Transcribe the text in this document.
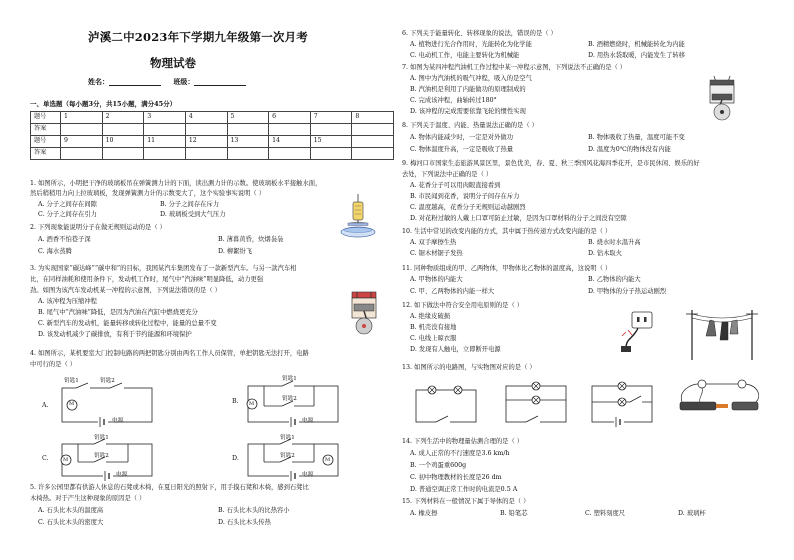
泸溪二中2023年下学期九年级第一次月考
物理试卷
姓名：	班级：
一、单选题（每小题3分，共15小题，满分45分）
题号	1	2	3	4	5	6	7	8
答案								
题号	9	10	11	12	13	14	15	
答案								
1. 如图所示，小明把干净的玻璃板吊在弹簧测力计的下面，读出测力计的示数。使玻璃板水平接触水面，
然后稍稍用力向上拉玻璃板，发现弹簧测力计的示数变大了，这个实验事实说明（ ）
A. 分子之间存在间隙	B. 分子之间存在斥力
C. 分子之间存在引力	D. 玻璃板受到大气压力
2. 下列现象能说明分子在做无规则运动的是（ ）
A. 酒香不怕巷子深	B. 薄暮黄昏，炊烟袅袅
C. 海水蒸腾	D. 柳絮纷飞
3. 为实现国家“碳达峰”“碳中和”的目标，我国某汽车集团发布了一款新型汽车。与另一款汽车相
比，在同样油耗和使用条件下，发动机工作时，尾气中“汽油味”明显降低，动力更强
劲。如图为该汽车发动机某一冲程的示意图，下列说法错误的是（ ）
A. 该冲程为压缩冲程
B. 尾气中“汽油味”降低，是因为汽油在汽缸中燃烧更充分
C. 新型汽车的发动机，能量转移或转化过程中，能量的总量不变
D. 该发动机减少了碳排放，有利于节约能源和环境保护
4. 如图所示，某机要室大门控制电路的两把钥匙分别由两名工作人员保管，单把钥匙无法打开，电路
中可行的是（ ）
A.
钥匙1	钥匙2
M
电源
B.
钥匙1
钥匙2
M
电源
C.
钥匙1
钥匙2
M
电源
D.
钥匙1
钥匙2
M
电源
5. 许多公园里都有供游人休息的石凳或木椅，在夏日阳光的照射下，用手摸石凳和木椅，感到石凳比
木椅热。对于产生这种现象的原因是（ ）
A. 石头比木头的温度高	B. 石头比木头的比热容小
C. 石头比木头的密度大	D. 石头比木头传热
6. 下列关于能量转化、转移现象的说法，错误的是（ ）
A. 植物进行光合作用时，光能转化为化学能	B. 酒精燃烧时，机械能转化为内能
C. 电动机工作，电能主要转化为机械能	D. 用热水袋取暖，内能发生了转移
7. 如图为某四冲程汽油机工作过程中某一冲程示意图，下列说法不正确的是（ ）
A. 图中为汽油机的吸气冲程，吸入的是空气
B. 汽油机是利用了内能做功的原理制成的
C. 完成该冲程，曲轴转过180°
D. 该冲程的完成需要依靠飞轮的惯性实现
8. 下列关于温度、内能、热量说法正确的是（ ）
A. 物体内能减少时，一定是对外做功	B. 物体吸收了热量，温度可能不变
C. 物体温度升高，一定是吸收了热量	D. 温度为0℃的物体没有内能
9. 梅河口市国家生态旅游风景区里，景色优美，春、夏、秋三季国风花海四季花开，是市民休闲、娱乐的好
去处，下列说法中正确的是（ ）
A. 花香分子可以用肉眼直接看到
B. 市民闻到花香，说明分子间存在斥力
C. 温度越高，花香分子无规则运动越剧烈
D. 对花粉过敏的人戴上口罩可防止过敏，是因为口罩材料的分子之间没有空隙
10. 生活中常见的改变内能的方式，其中属于热传递方式改变内能的是（ ）
A. 双手摩擦生热	B. 烧水时水温升高
C. 锯木材锯子发热	D. 钻木取火
11. 同种物质组成的甲、乙两物体，甲物体比乙物体的温度高，这说明（ ）
A. 甲物体的内能大	B. 乙物体的内能大
C. 甲、乙两物体的内能一样大	D. 甲物体的分子热运动剧烈
12. 如下做法中符合安全用电原则的是（ ）
A. 绝缘皮破损
B. 机壳没有接地
C. 电线上晾衣服
D. 发现有人触电，立即断开电源
13. 如图所示的电路图，与实物图对应的是（ ）
14. 下列生活中的物理量估测合理的是（ ）
A. 成人正常的不行速度是3.6 km/h
B. 一个鸡蛋重600g
C. 初中物理教材的长度是26 dm
D. 普通空调正常工作时的电流是0.5 A
15. 下列材料在一般情况下属于导体的是（ ）
A. 橡皮擦	B. 铅笔芯	C. 塑料刻度尺	D. 玻璃杯
